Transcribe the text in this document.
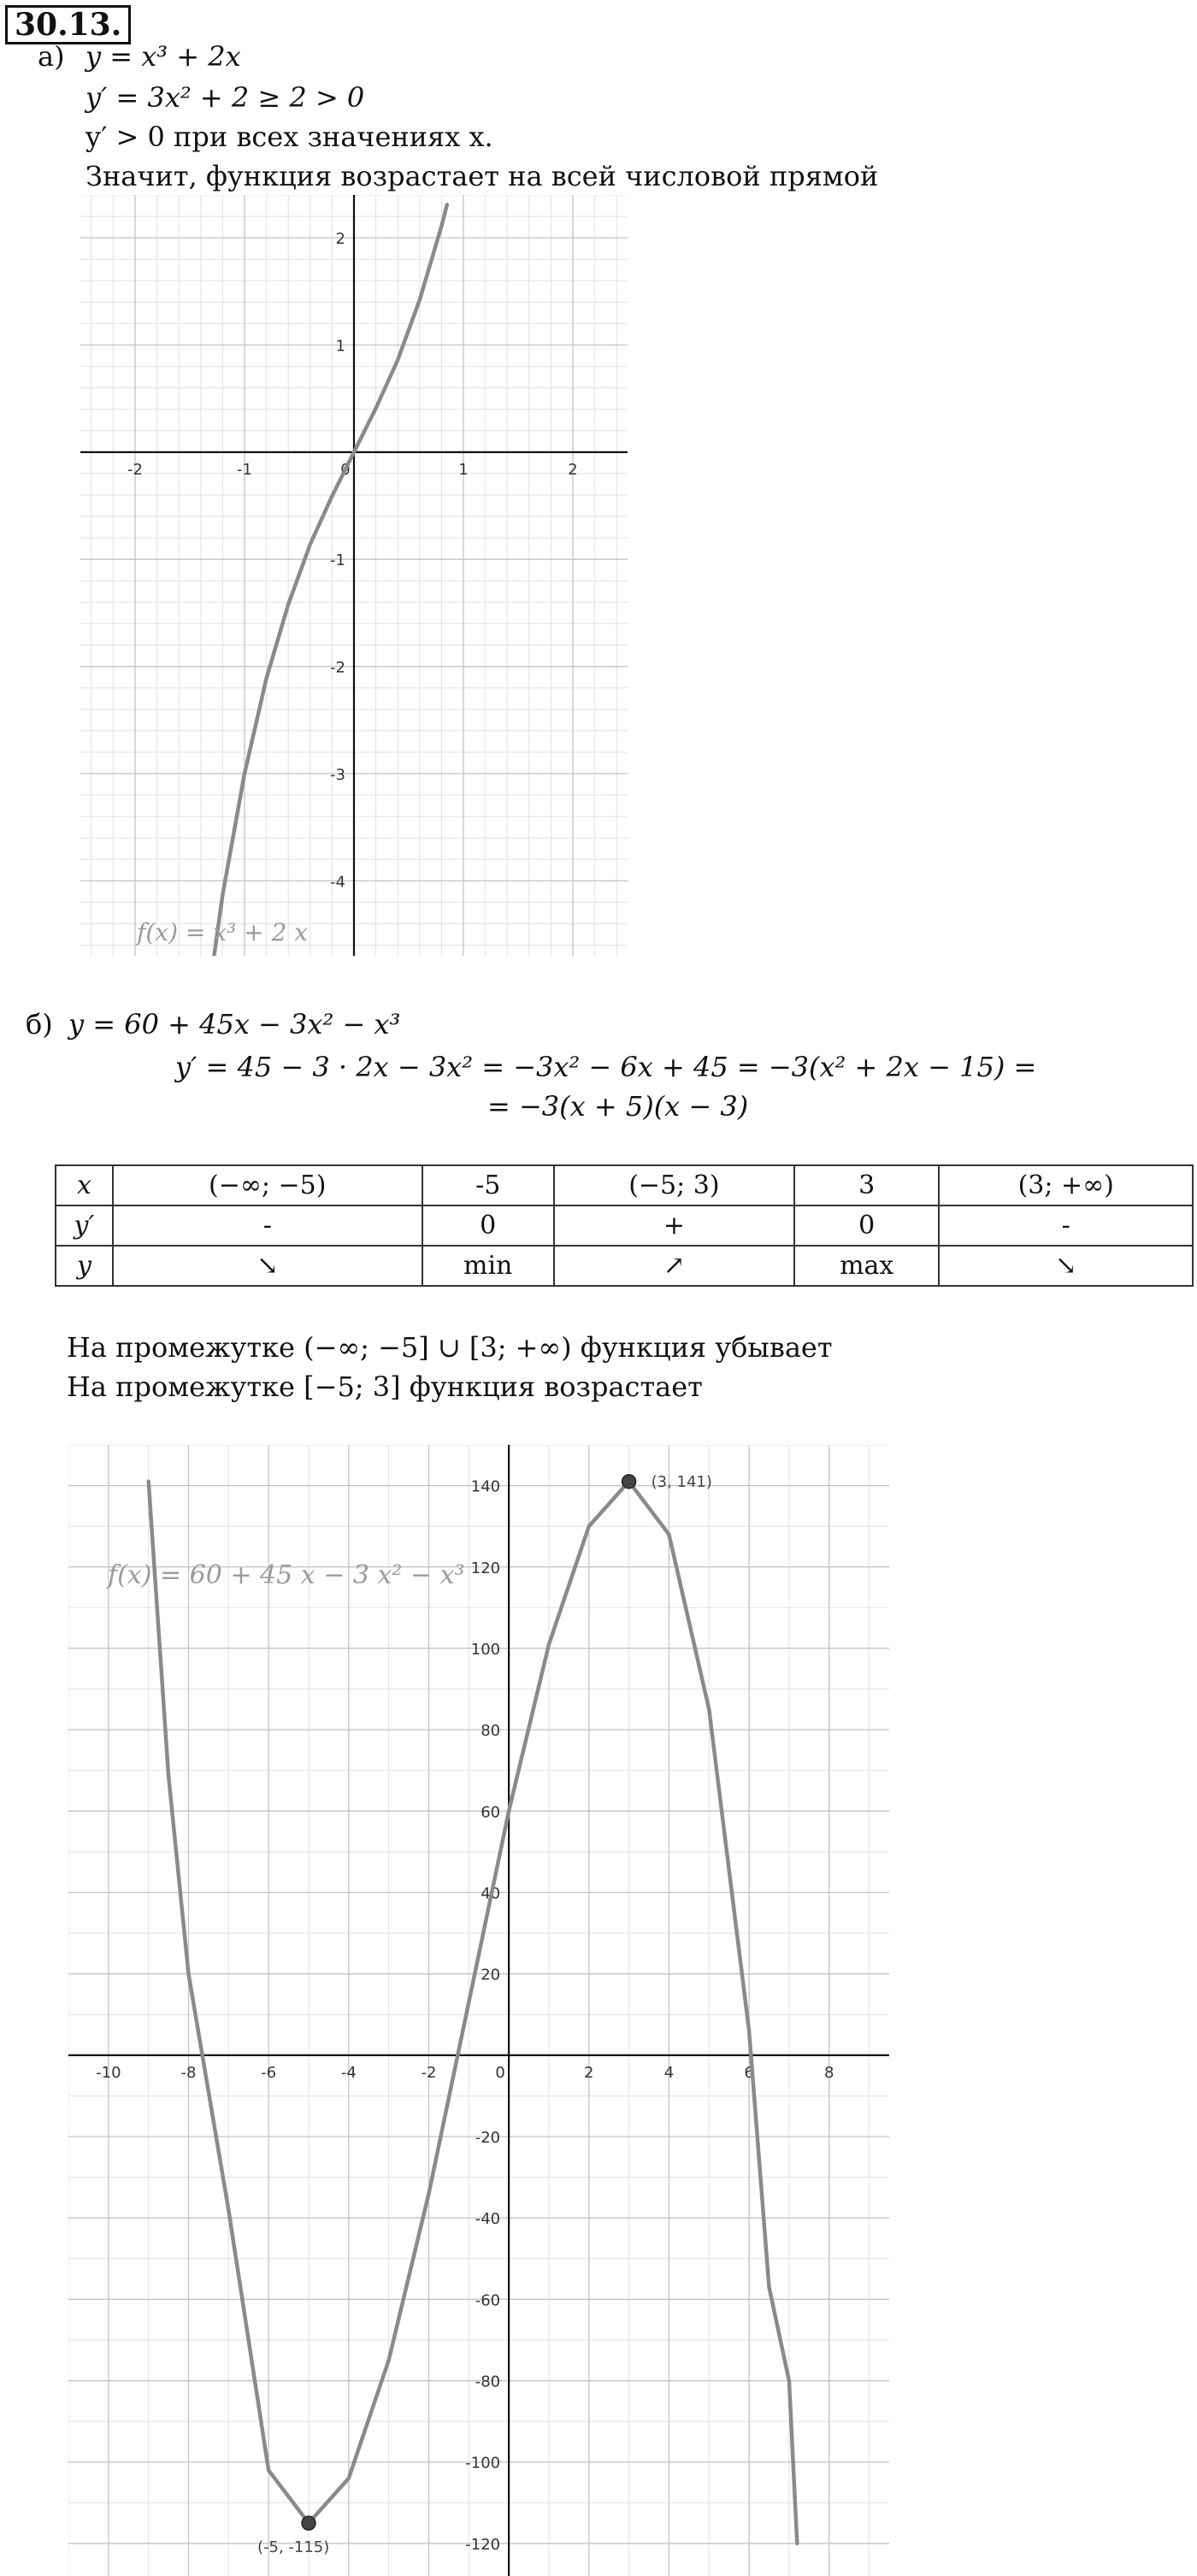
30.13.
а) y = x³ + 2x
y′ = 3x² + 2 ≥ 2 > 0
y′ > 0 при всех значениях x.
Значит, функция возрастает на всей числовой прямой
-2	-1	0	1	2
-4
-3
-2
-1
1
2
f(x) = x³ + 2 x
б) y = 60 + 45x − 3x² − x³
y′ = 45 − 3 · 2x − 3x² = −3x² − 6x + 45 = −3(x² + 2x − 15) =
= −3(x + 5)(x − 3)
x	(−∞; −5)	-5	(−5; 3)	3	(3; +∞)
y′	-	0	+	0	-
y	↘	min	↗	max	↘
На промежутке (−∞; −5] ∪ [3; +∞) функция убывает
На промежутке [−5; 3] функция возрастает
-10	-8	-6	-4	-2	0	2	4	6	8
-120
-100
-80
-60
-40
-20
20
40
60
80
100
120
140	(3, 141)
(-5, -115)
f(x) = 60 + 45 x − 3 x² − x³
